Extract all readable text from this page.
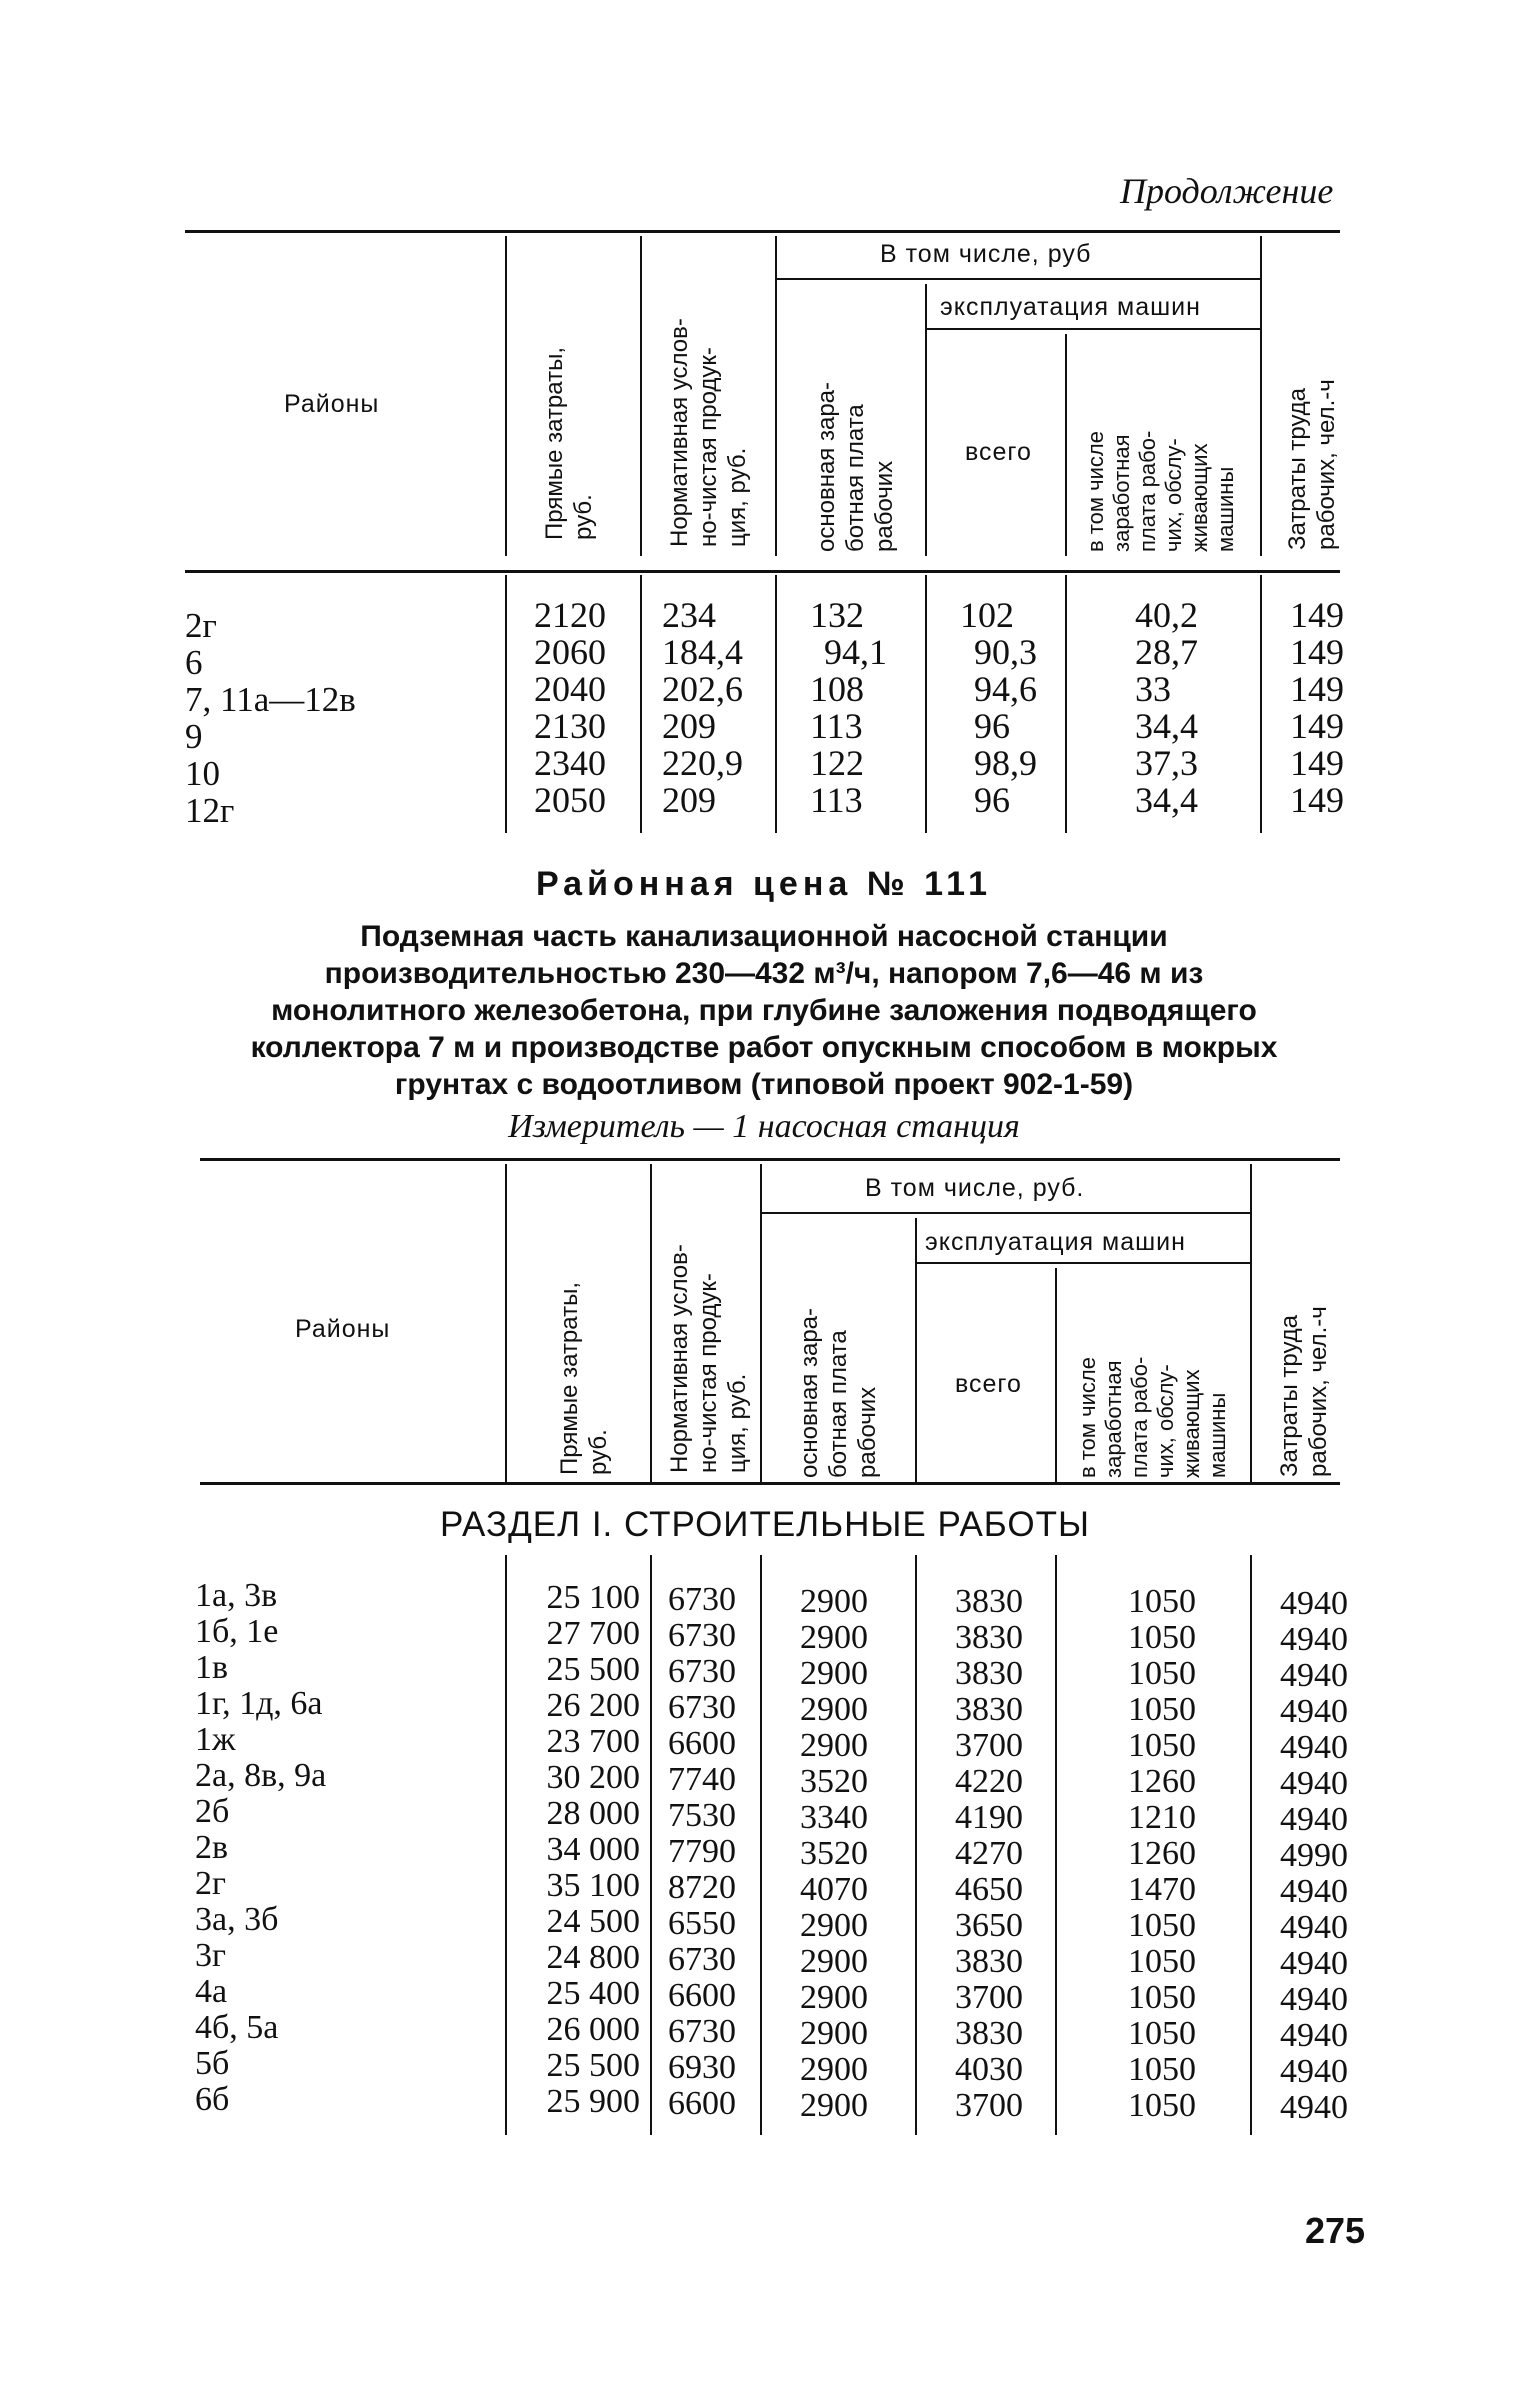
Продолжение
Районы
Прямые затраты,
руб.	Нормативная услов-
но-чистая продук-
ция, руб.
В том числе, руб
основная зара-
ботная плата
рабочих
эксплуатация машин
всего
в том числе
заработная
плата рабо-
чих, обслу-
живающих
машины Затраты труда
рабочих, чел.-ч
2г
6
7, 11а—12в
9
10
12г
2120
2060
2040
2130
2340
2050
234
184,4
202,6
209
220,9
209
132
94,1
108
113
122
113
102
90,3
94,6
96
98,9
96
40,2
28,7
33
34,4
37,3
34,4
149
149
149
149
149
149
Районная цена № 111
Подземная часть канализационной насосной станции
производительностью 230—432 м³/ч, напором 7,6—46 м из
монолитного железобетона, при глубине заложения подводящего
коллектора 7 м и производстве работ опускным способом в мокрых
грунтах с водоотливом (типовой проект 902-1-59)
Измеритель — 1 насосная станция
Районы
Прямые затраты,
руб. Нормативная услов-
но-чистая продук-
ция, руб.
В том числе, руб.
основная зара-
ботная плата
рабочих
эксплуатация машин
всего
в том числе
заработная
плата рабо-
чих, обслу-
живающих
машины Затраты труда
рабочих, чел.-ч
РАЗДЕЛ I. СТРОИТЕЛЬНЫЕ РАБОТЫ
1а, 3в
1б, 1е
1в
1г, 1д, 6а
1ж
2а, 8в, 9а
2б
2в
2г
3а, 3б
3г
4а
4б, 5а
5б
6б
25 100
27 700
25 500
26 200
23 700
30 200
28 000
34 000
35 100
24 500
24 800
25 400
26 000
25 500
25 900
6730
6730
6730
6730
6600
7740
7530
7790
8720
6550
6730
6600
6730
6930
6600
2900
2900
2900
2900
2900
3520
3340
3520
4070
2900
2900
2900
2900
2900
2900
3830
3830
3830
3830
3700
4220
4190
4270
4650
3650
3830
3700
3830
4030
3700
1050
1050
1050
1050
1050
1260
1210
1260
1470
1050
1050
1050
1050
1050
1050
4940
4940
4940
4940
4940
4940
4940
4990
4940
4940
4940
4940
4940
4940
4940
275
